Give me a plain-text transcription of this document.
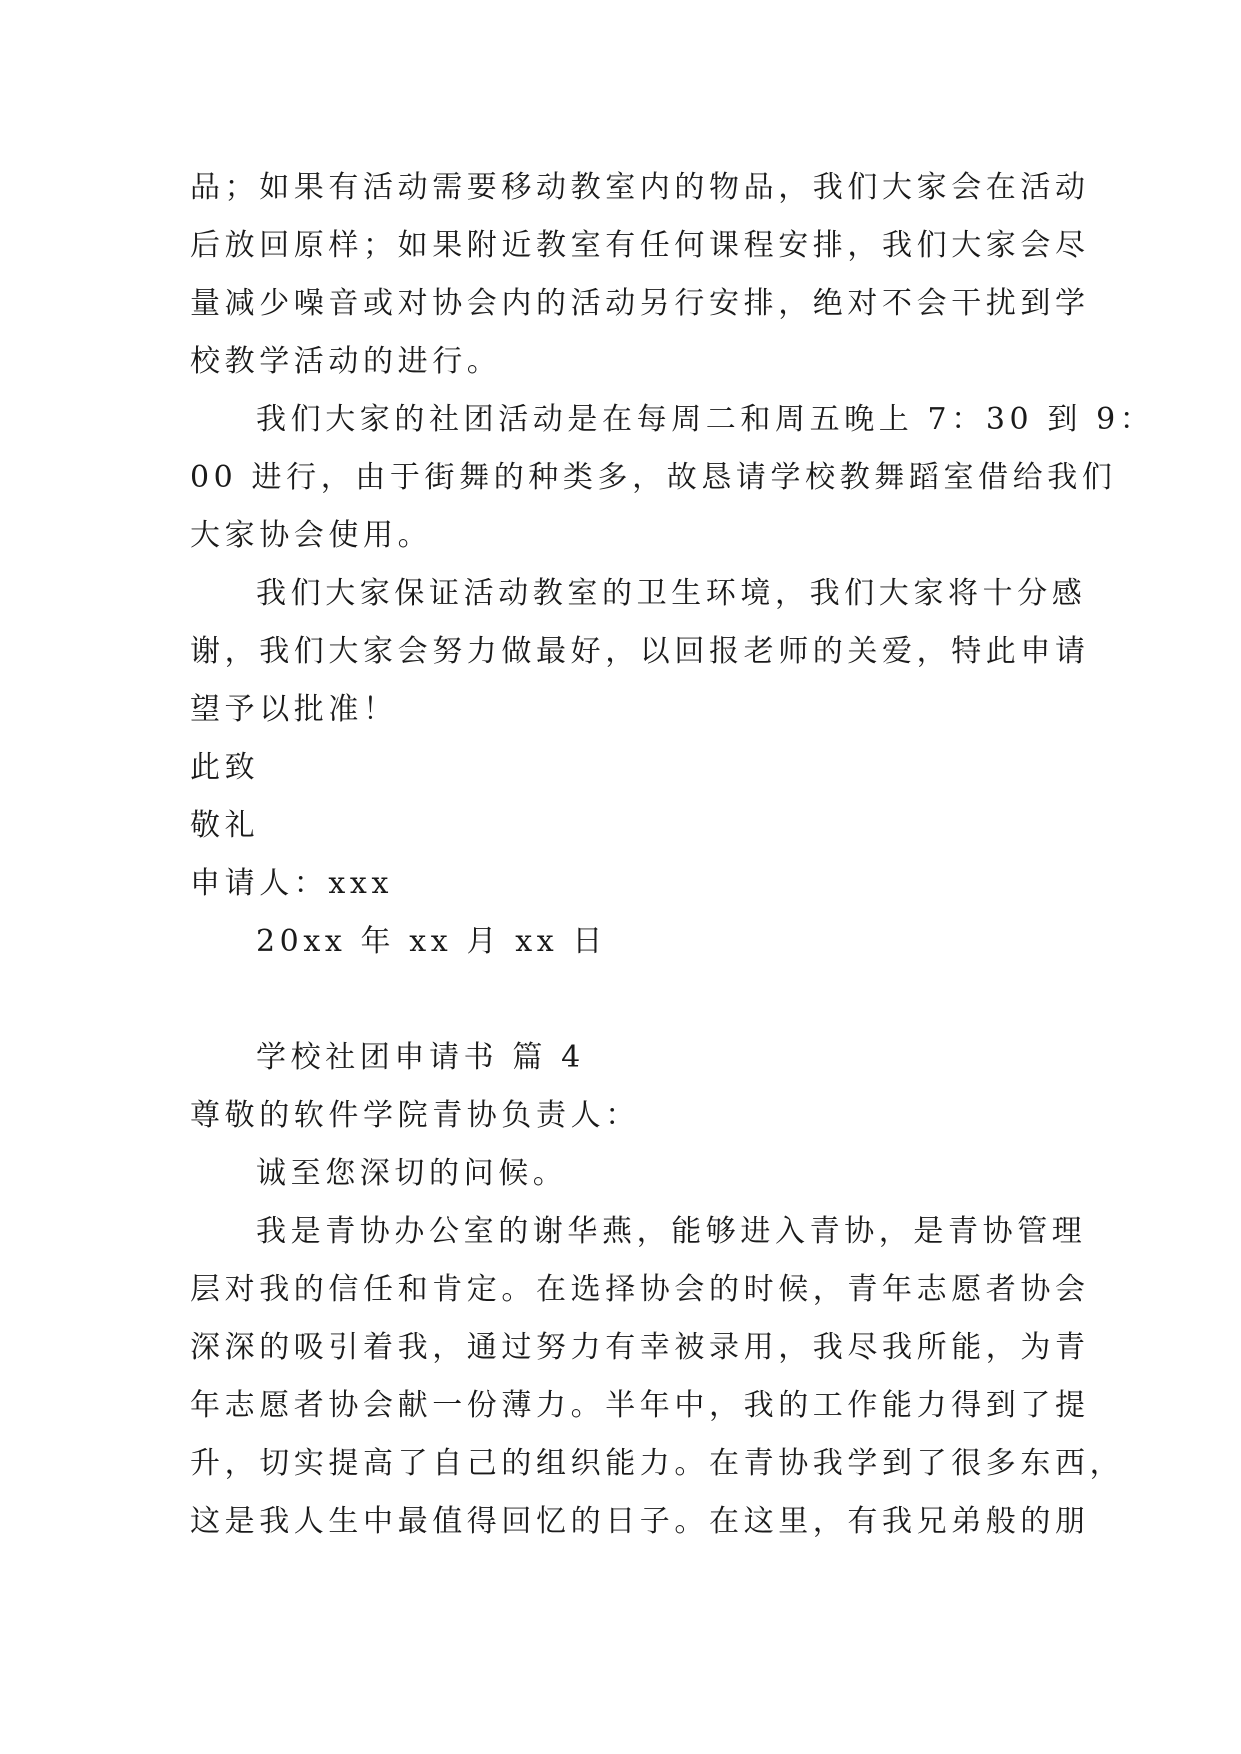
品；如果有活动需要移动教室内的物品，我们大家会在活动
后放回原样；如果附近教室有任何课程安排，我们大家会尽
量减少噪音或对协会内的活动另行安排，绝对不会干扰到学
校教学活动的进行。
我们大家的社团活动是在每周二和周五晚上 7：30 到 9：
00 进行，由于街舞的种类多，故恳请学校教舞蹈室借给我们
大家协会使用。
我们大家保证活动教室的卫生环境，我们大家将十分感
谢，我们大家会努力做最好，以回报老师的关爱，特此申请
望予以批准！
此致
敬礼
申请人：xxx
20xx 年 xx 月 xx 日
学校社团申请书 篇 4
尊敬的软件学院青协负责人：
诚至您深切的问候。
我是青协办公室的谢华燕，能够进入青协，是青协管理
层对我的信任和肯定。在选择协会的时候，青年志愿者协会
深深的吸引着我，通过努力有幸被录用，我尽我所能，为青
年志愿者协会献一份薄力。半年中，我的工作能力得到了提
升，切实提高了自己的组织能力。在青协我学到了很多东西，
这是我人生中最值得回忆的日子。在这里，有我兄弟般的朋
